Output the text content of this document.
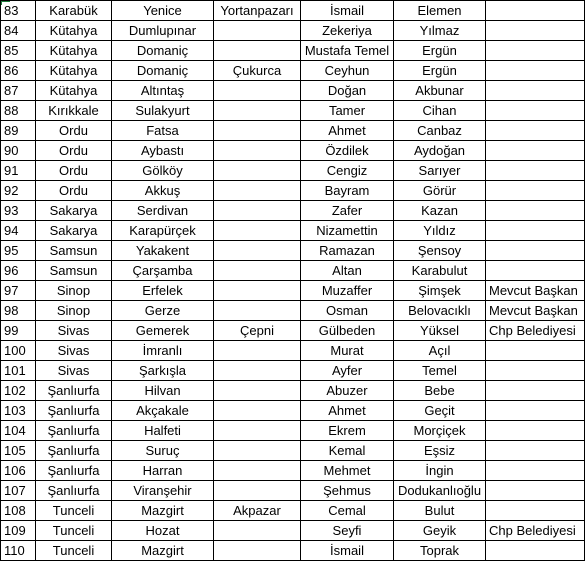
83	Karabük	Yenice	Yortanpazarı	İsmail	Elemen	
84	Kütahya	Dumlupınar		Zekeriya	Yılmaz	
85	Kütahya	Domaniç		Mustafa Temel	Ergün	
86	Kütahya	Domaniç	Çukurca	Ceyhun	Ergün	
87	Kütahya	Altıntaş		Doğan	Akbunar	
88	Kırıkkale	Sulakyurt		Tamer	Cihan	
89	Ordu	Fatsa		Ahmet	Canbaz	
90	Ordu	Aybastı		Özdilek	Aydoğan	
91	Ordu	Gölköy		Cengiz	Sarıyer	
92	Ordu	Akkuş		Bayram	Görür	
93	Sakarya	Serdivan		Zafer	Kazan	
94	Sakarya	Karapürçek		Nizamettin	Yıldız	
95	Samsun	Yakakent		Ramazan	Şensoy	
96	Samsun	Çarşamba		Altan	Karabulut	
97	Sinop	Erfelek		Muzaffer	Şimşek	Mevcut Başkan
98	Sinop	Gerze		Osman	Belovacıklı	Mevcut Başkan
99	Sivas	Gemerek	Çepni	Gülbeden	Yüksel	Chp Belediyesi
100	Sivas	İmranlı		Murat	Açıl	
101	Sivas	Şarkışla		Ayfer	Temel	
102	Şanlıurfa	Hilvan		Abuzer	Bebe	
103	Şanlıurfa	Akçakale		Ahmet	Geçit	
104	Şanlıurfa	Halfeti		Ekrem	Morçiçek	
105	Şanlıurfa	Suruç		Kemal	Eşsiz	
106	Şanlıurfa	Harran		Mehmet	İngin	
107	Şanlıurfa	Viranşehir		Şehmus	Dodukanlıoğlu	
108	Tunceli	Mazgirt	Akpazar	Cemal	Bulut	
109	Tunceli	Hozat		Seyfi	Geyik	Chp Belediyesi
110	Tunceli	Mazgirt		İsmail	Toprak	
